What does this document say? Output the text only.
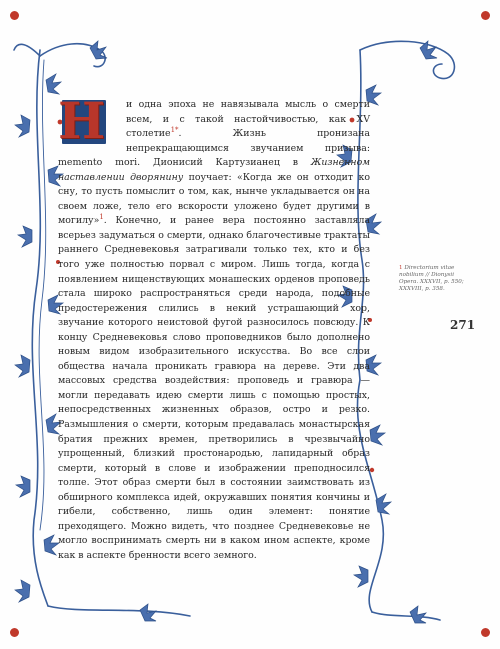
Н	и одна эпоха не навязывала мысль о смерти всем, и с такой настойчивостью, как XV столетие$^{1*}$. Жизнь пронизана непрекращающимся звучанием призыва: memento mori. Дионисий Картузианец в Жизненном наставлении дворянину поучает: «Когда же он отходит ко сну, то пусть помыслит о том, как, нынче укладывается он на своем ложе, тело его вскорости уложено будет другими в могилу»$^1$. Конечно, и ранее вера постоянно заставляла всерьез задуматься о смерти, однако благочестивые трактаты раннего Средневековья затрагивали только тех, кто и без того уже полностью порвал с миром. Лишь тогда, когда с появлением нищенствующих монашеских орденов проповедь стала широко распространяться среди народа, подобные предостережения слились в некий устрашающий хор, звучание которого неистовой фугой разносилось повсюду. К концу Средневековья слово проповедников было дополнено новым видом изобразительного искусства. Во все слои общества начала проникать гравюра на дереве. Эти два массовых средства воздействия: проповедь и гравюра — могли передавать идею смерти лишь с помощью простых, непосредственных жизненных образов, остро и резко. Размышления о смерти, которым предавалась монастырская братия прежних времен, претворились в чрезвычайно упрощенный, близкий простонародью, лапидарный образ смерти, который в слове и изображении преподносился толпе. Этот образ смерти был в состоянии заимствовать из обширного комплекса идей, окружавших понятия кончины и гибели, собственно, лишь один элемент: понятие преходящего. Можно видеть, что позднее Средневековье не могло воспринимать смерть ни в каком ином аспекте, кроме как в аспекте бренности всего земного.
1 Directorium vitae nobilium // Dionysii Opera. XXXVII, p. 550; XXXVIII, p. 358.
271
